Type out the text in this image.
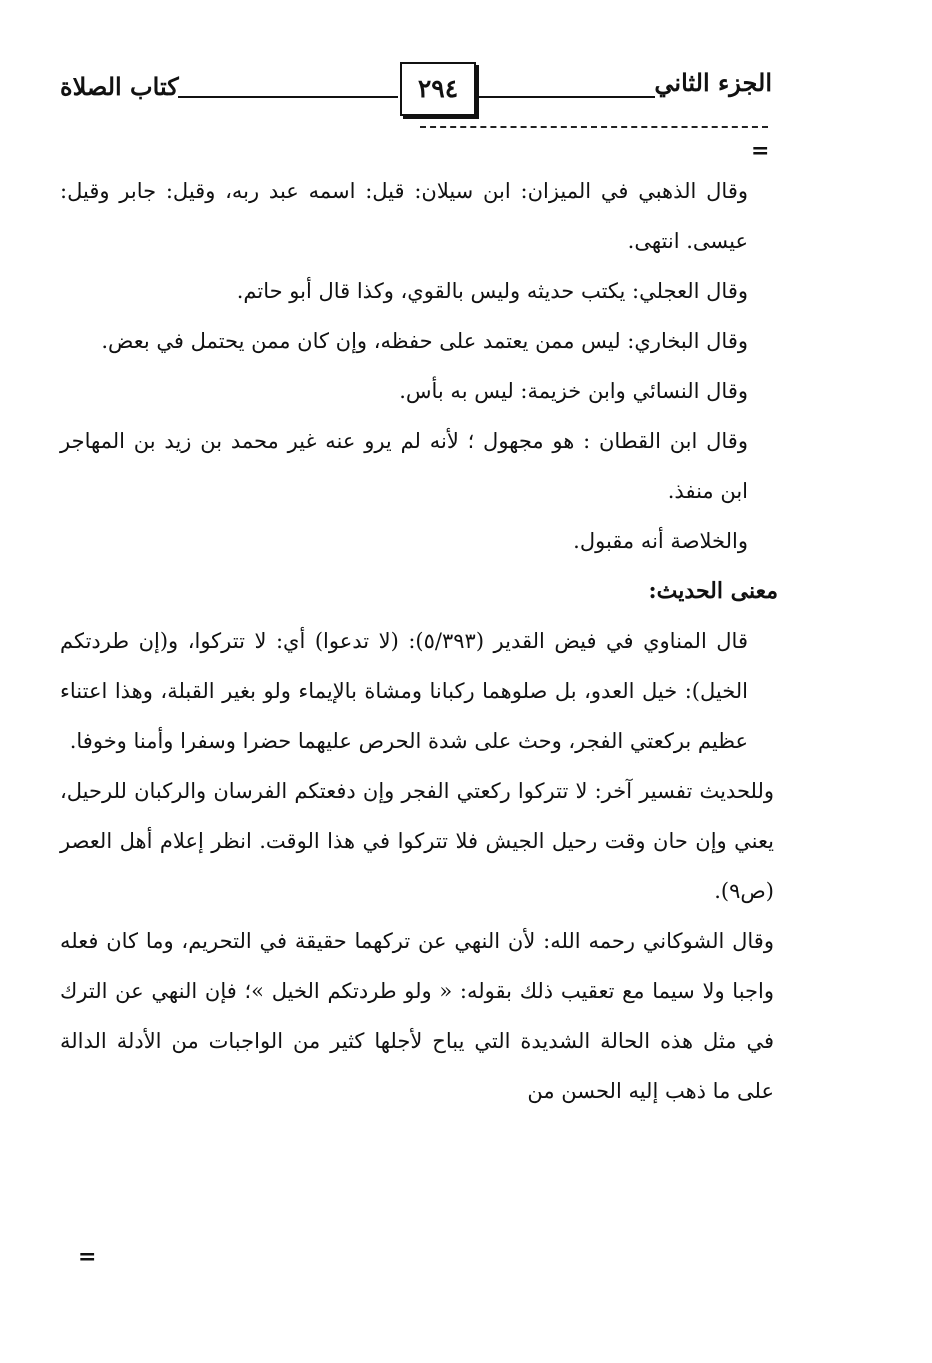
الجزء الثاني
٢٩٤
كتاب الصلاة
=

وقال الذهبي في الميزان: ابن سيلان: قيل: اسمه عبد ربه، وقيل: جابر وقيل: عيسى. انتهى.

وقال العجلي: يكتب حديثه وليس بالقوي، وكذا قال أبو حاتم.

وقال البخاري: ليس ممن يعتمد على حفظه، وإن كان ممن يحتمل في بعض.

وقال النسائي وابن خزيمة: ليس به بأس.

وقال ابن القطان : هو مجهول ؛ لأنه لم يرو عنه غير محمد بن زيد بن المهاجر ابن منفذ.

والخلاصة أنه مقبول.

معنى الحديث:

قال المناوي في فيض القدير (٥/٣٩٣): (لا تدعوا) أي: لا تتركوا، و(إن طردتكم الخيل): خيل العدو، بل صلوهما ركبانا ومشاة بالإيماء ولو بغير القبلة، وهذا اعتناء عظيم بركعتي الفجر، وحث على شدة الحرص عليهما حضرا وسفرا وأمنا وخوفا.

وللحديث تفسير آخر: لا تتركوا ركعتي الفجر وإن دفعتكم الفرسان والركبان للرحيل، يعني وإن حان وقت رحيل الجيش فلا تتركوا في هذا الوقت. انظر إعلام أهل العصر (ص٩).

وقال الشوكاني رحمه الله: لأن النهي عن تركهما حقيقة في التحريم، وما كان فعله واجبا ولا سيما مع تعقيب ذلك بقوله: « ولو طردتكم الخيل »؛ فإن النهي عن الترك في مثل هذه الحالة الشديدة التي يباح لأجلها كثير من الواجبات من الأدلة الدالة على ما ذهب إليه الحسن من

=
